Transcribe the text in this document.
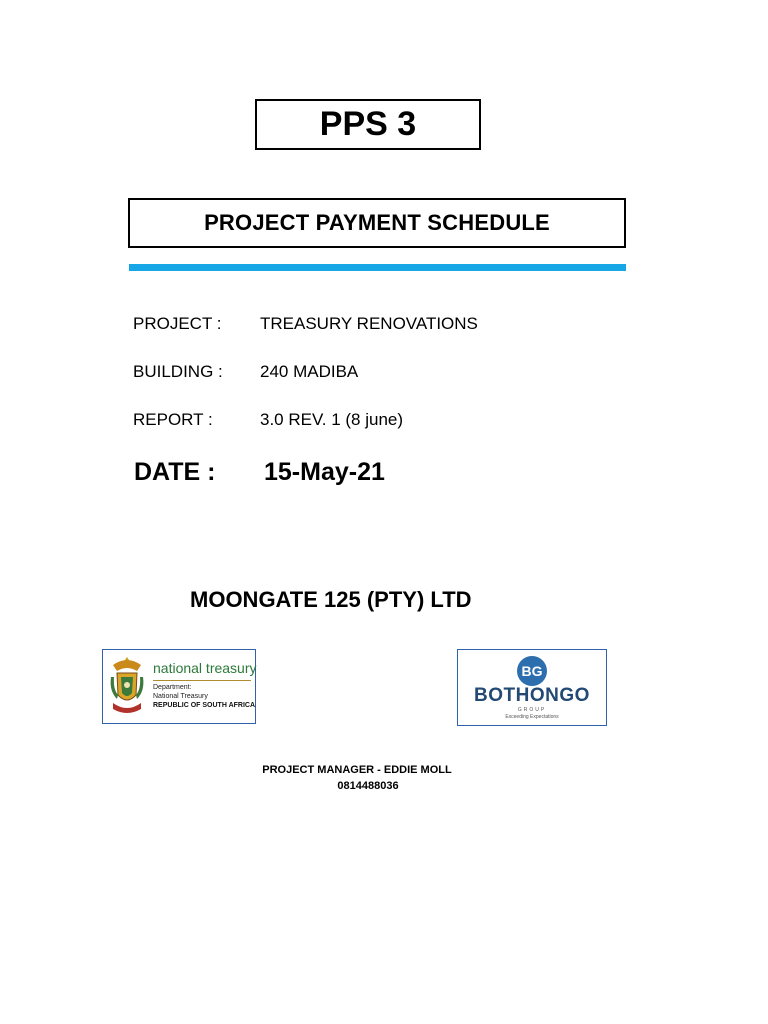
PPS 3
PROJECT PAYMENT SCHEDULE
PROJECT : TREASURY RENOVATIONS
BUILDING : 240 MADIBA
REPORT :	3.0 REV. 1 (8 june)
DATE : 15-May-21
MOONGATE 125 (PTY) LTD
national treasury
Department:
National Treasury
REPUBLIC OF SOUTH AFRICA
BG
BOTHONGO
GROUP
Exceeding Expectations
PROJECT MANAGER - EDDIE MOLL
0814488036
